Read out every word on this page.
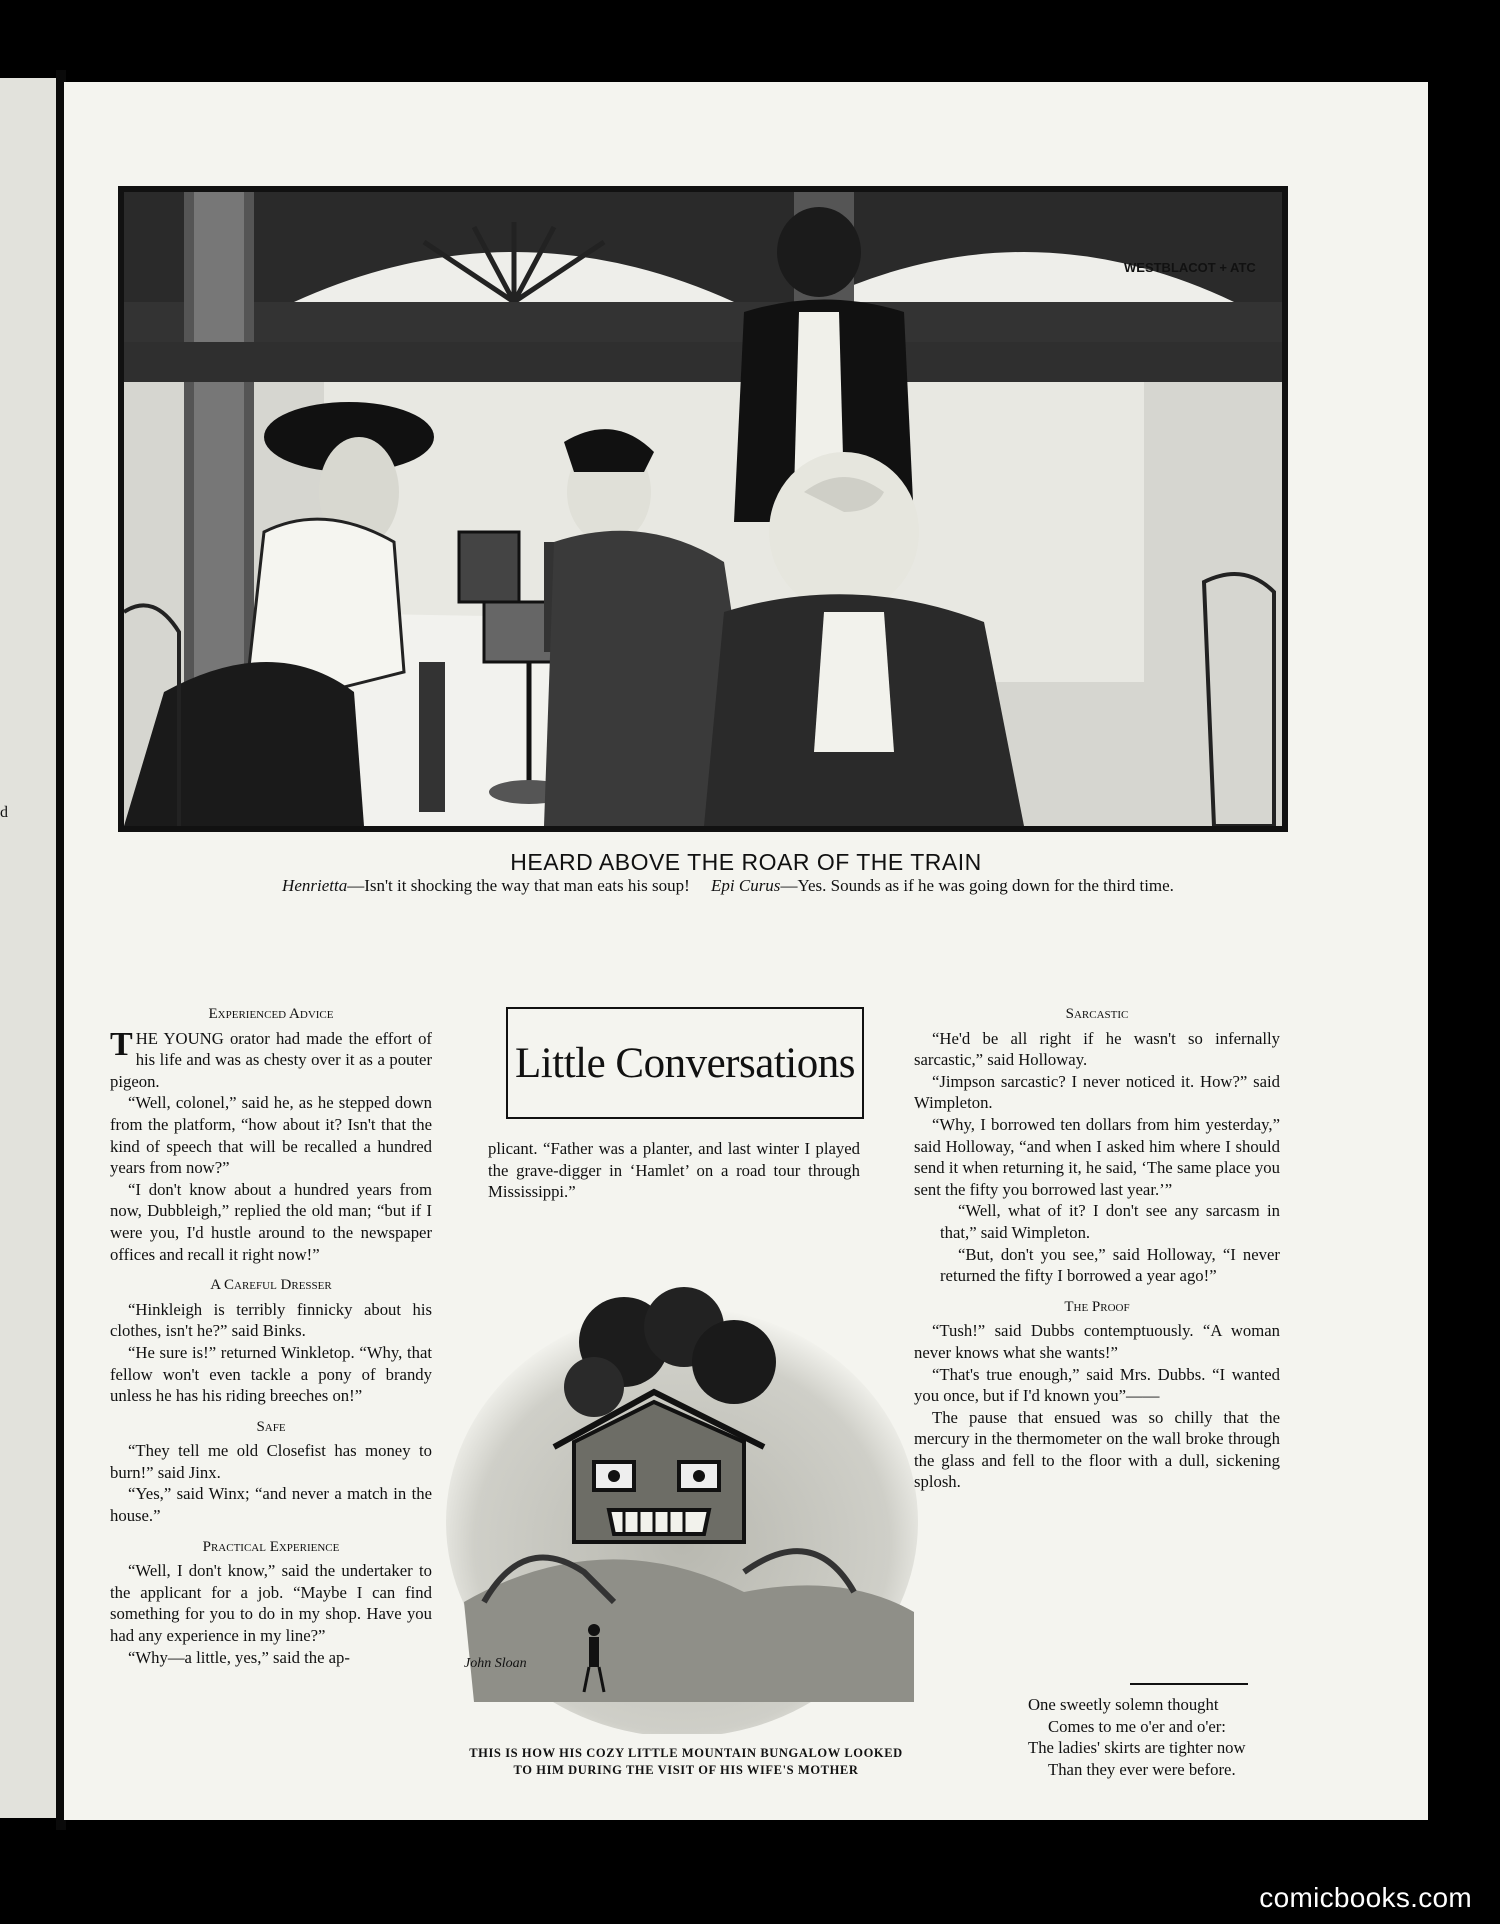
d
WESTBLACOT + ATC
HEARD ABOVE THE ROAR OF THE TRAIN
Henrietta—Isn't it shocking the way that man eats his soup! Epi Curus—Yes. Sounds as if he was going down for the third time.
Experienced Advice

THE YOUNG orator had made the effort of his life and was as chesty over it as a pouter pigeon.

“Well, colonel,” said he, as he stepped down from the platform, “how about it? Isn't that the kind of speech that will be recalled a hundred years from now?”

“I don't know about a hundred years from now, Dubbleigh,” replied the old man; “but if I were you, I'd hustle around to the newspaper offices and recall it right now!”

A Careful Dresser

“Hinkleigh is terribly finnicky about his clothes, isn't he?” said Binks.

“He sure is!” returned Winkletop. “Why, that fellow won't even tackle a pony of brandy unless he has his riding breeches on!”

Safe

“They tell me old Closefist has money to burn!” said Jinx.

“Yes,” said Winx; “and never a match in the house.”

Practical Experience

“Well, I don't know,” said the undertaker to the applicant for a job. “Maybe I can find something for you to do in my shop. Have you had any experience in my line?”

“Why—a little, yes,” said the ap-

Little Conversations

plicant. “Father was a planter, and last winter I played the grave-digger in ‘Hamlet’ on a road tour through Mississippi.”

John Sloan
THIS IS HOW HIS COZY LITTLE MOUNTAIN BUNGALOW LOOKED
TO HIM DURING THE VISIT OF HIS WIFE'S MOTHER
Sarcastic

“He'd be all right if he wasn't so infernally sarcastic,” said Holloway.

“Jimpson sarcastic? I never noticed it. How?” said Wimpleton.

“Why, I borrowed ten dollars from him yesterday,” said Holloway, “and when I asked him where I should send it when returning it, he said, ‘The same place you sent the fifty you borrowed last year.’”

“Well, what of it? I don't see any sarcasm in that,” said Wimpleton.

“But, don't you see,” said Holloway, “I never returned the fifty I borrowed a year ago!”

The Proof

“Tush!” said Dubbs contemptuously. “A woman never knows what she wants!”

“That's true enough,” said Mrs. Dubbs. “I wanted you once, but if I'd known you”——

The pause that ensued was so chilly that the mercury in the thermometer on the wall broke through the glass and fell to the floor with a dull, sickening splosh.

One sweetly solemn thought
Comes to me o'er and o'er:
The ladies' skirts are tighter now
Than they ever were before.
comicbooks.com
